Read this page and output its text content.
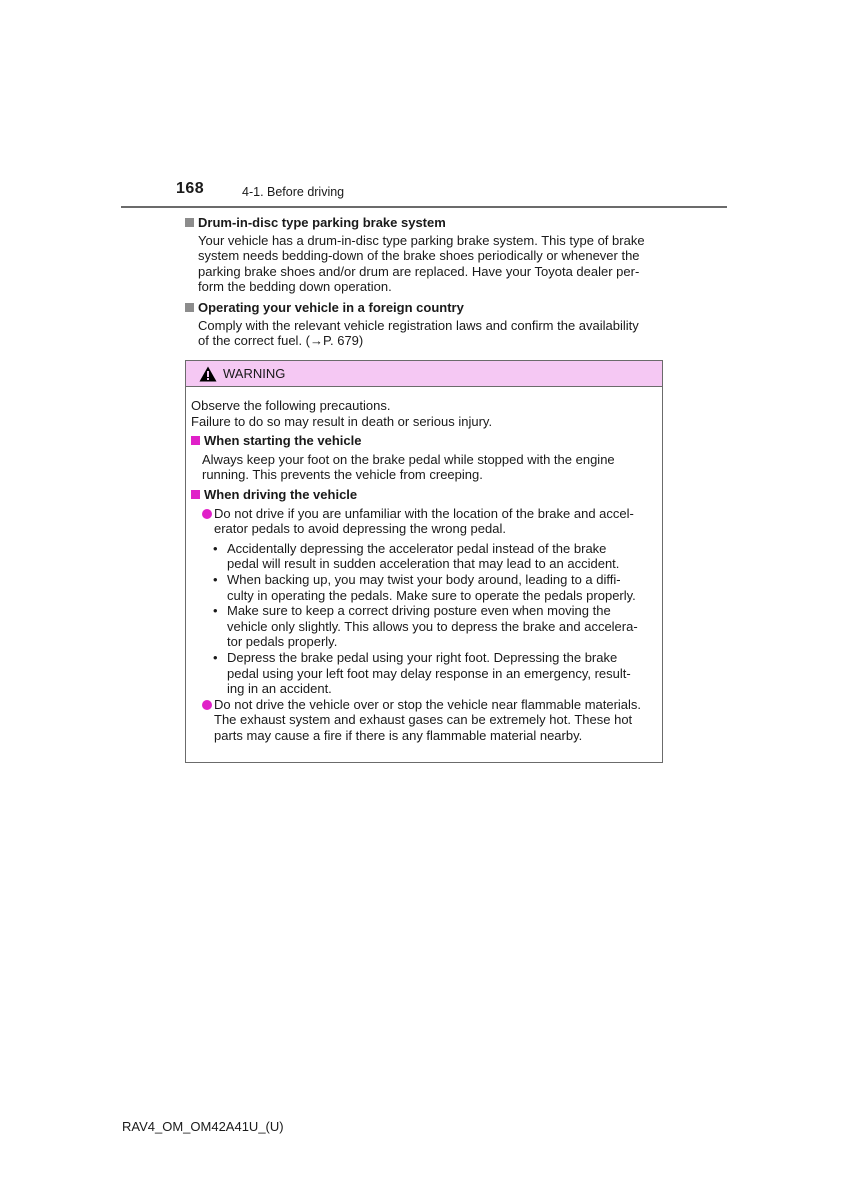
168	4-1. Before driving
Drum-in-disc type parking brake system
Your vehicle has a drum-in-disc type parking brake system. This type of brake
system needs bedding-down of the brake shoes periodically or whenever the
parking brake shoes and/or drum are replaced. Have your Toyota dealer per-
form the bedding down operation.
Operating your vehicle in a foreign country
Comply with the relevant vehicle registration laws and confirm the availability
of the correct fuel. (→P. 679)
WARNING
Observe the following precautions.
Failure to do so may result in death or serious injury.
When starting the vehicle
Always keep your foot on the brake pedal while stopped with the engine
running. This prevents the vehicle from creeping.
When driving the vehicle
Do not drive if you are unfamiliar with the location of the brake and accel-
erator pedals to avoid depressing the wrong pedal.
• Accidentally depressing the accelerator pedal instead of the brake
pedal will result in sudden acceleration that may lead to an accident.
• When backing up, you may twist your body around, leading to a diffi-
culty in operating the pedals. Make sure to operate the pedals properly.
• Make sure to keep a correct driving posture even when moving the
vehicle only slightly. This allows you to depress the brake and accelera-
tor pedals properly.
• Depress the brake pedal using your right foot. Depressing the brake
pedal using your left foot may delay response in an emergency, result-
ing in an accident.
Do not drive the vehicle over or stop the vehicle near flammable materials.
The exhaust system and exhaust gases can be extremely hot. These hot
parts may cause a fire if there is any flammable material nearby.
RAV4_OM_OM42A41U_(U)
